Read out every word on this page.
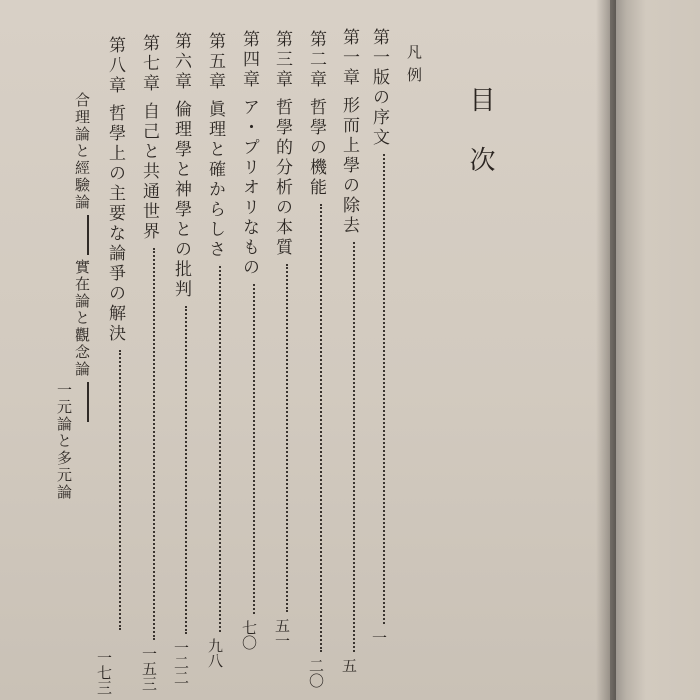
目次
凡例
第一版の序文一
第一章形而上學の除去五
第二章哲學の機能二〇
第三章哲學的分析の本質五一
第四章ア・プリオリなもの七〇
第五章眞理と確からしさ九八
第六章倫理學と神學との批判一二二
第七章自己と共通世界一五三
第八章哲學上の主要な論爭の解決
合理論と經驗論實在論と觀念論
一元論と多元論
一七三
